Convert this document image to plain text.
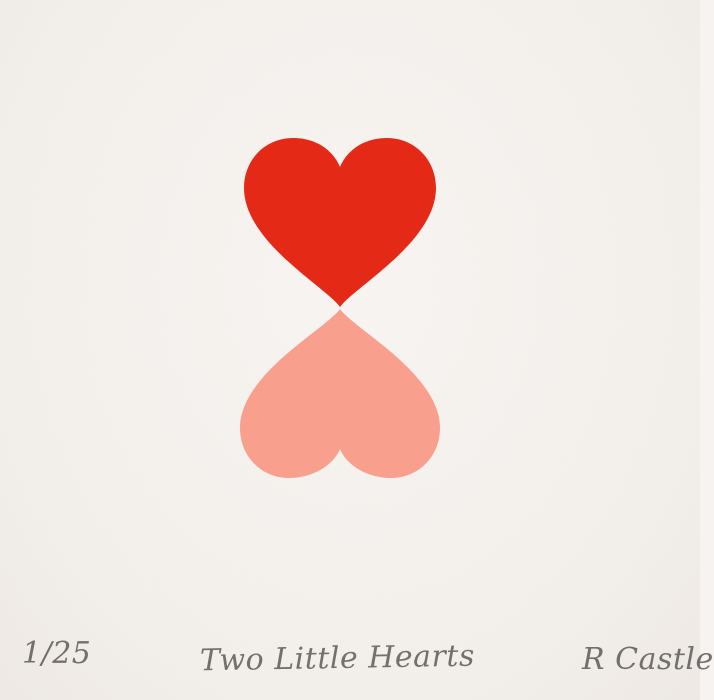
1/25	Two Little Hearts	R Castle
